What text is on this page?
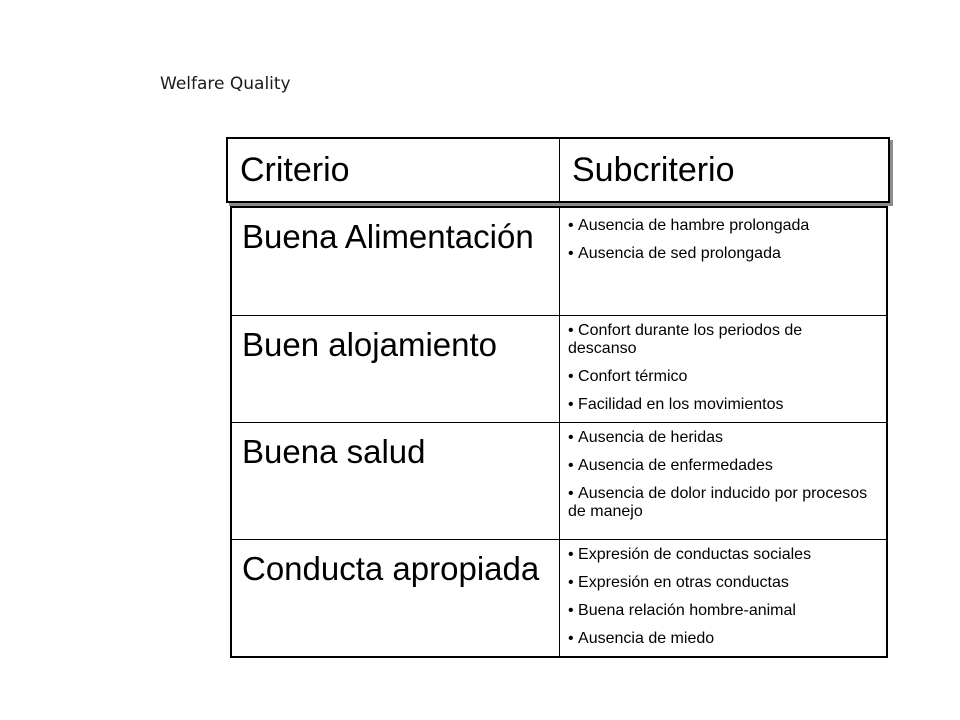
Welfare Quality
Criterio	Subcriterio
Buena Alimentación	• Ausencia de hambre prolongada
• Ausencia de sed prolongada
Buen alojamiento	• Confort durante los periodos de descanso
• Confort térmico
• Facilidad en los movimientos
Buena salud	• Ausencia de heridas
• Ausencia de enfermedades
• Ausencia de dolor inducido por procesos de manejo
Conducta apropiada	• Expresión de conductas sociales
• Expresión en otras conductas
• Buena relación hombre-animal
• Ausencia de miedo
